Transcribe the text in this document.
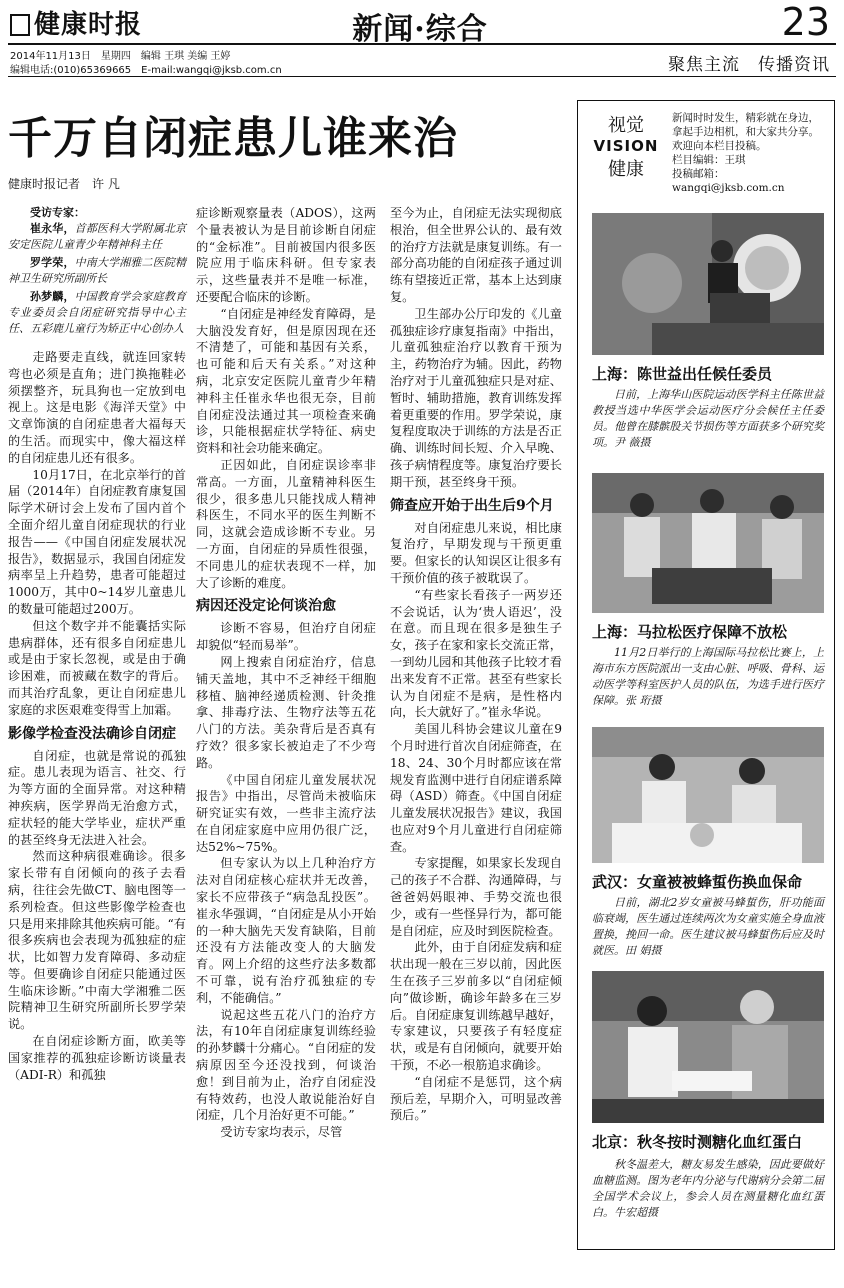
健康时报	新闻·综合	23
2014年11月13日　星期四　编辑 王琪 美编 王婷
编辑电话:(010)65369665　E-mail:wangqi@jksb.com.cn	聚焦主流　传播资讯
千万自闭症患儿谁来治
健康时报记者　许 凡

受访专家：

崔永华，首都医科大学附属北京安定医院儿童青少年精神科主任
罗学荣，中南大学湘雅二医院精神卫生研究所副所长
孙梦麟，中国教育学会家庭教育专业委员会自闭症研究指导中心主任、五彩鹿儿童行为矫正中心创办人

走路要走直线，就连回家转弯也必须是直角；进门换拖鞋必须摆整齐，玩具狗也一定放到电视上。这是电影《海洋天堂》中文章饰演的自闭症患者大福每天的生活。而现实中，像大福这样的自闭症患儿还有很多。

10月17日，在北京举行的首届（2014年）自闭症教育康复国际学术研讨会上发布了国内首个全面介绍儿童自闭症现状的行业报告——《中国自闭症发展状况报告》，数据显示，我国自闭症发病率呈上升趋势，患者可能超过1000万，其中0~14岁儿童患儿的数量可能超过200万。

但这个数字并不能囊括实际患病群体，还有很多自闭症患儿或是由于家长忽视，或是由于确诊困难，而被藏在数字的背后。而其治疗乱象，更让自闭症患儿家庭的求医艰难变得雪上加霜。

影像学检查没法确诊自闭症

自闭症，也就是常说的孤独症。患儿表现为语言、社交、行为等方面的全面异常。对这种精神疾病，医学界尚无治愈方式，症状轻的能大学毕业，症状严重的甚至终身无法进入社会。

然而这种病很难确诊。很多家长带有自闭倾向的孩子去看病，往往会先做CT、脑电图等一系列检查。但这些影像学检查也只是用来排除其他疾病可能。“有很多疾病也会表现为孤独症的症状，比如智力发育障碍、多动症等。但要确诊自闭症只能通过医生临床诊断。”中南大学湘雅二医院精神卫生研究所副所长罗学荣说。

在自闭症诊断方面，欧美等国家推荐的孤独症诊断访谈量表（ADI-R）和孤独

症诊断观察量表（ADOS），这两个量表被认为是目前诊断自闭症的“金标准”。目前被国内很多医院应用于临床科研。但专家表示，这些量表并不是唯一标准，还要配合临床的诊断。

“自闭症是神经发育障碍，是大脑没发育好，但是原因现在还不清楚了，可能和基因有关系，也可能和后天有关系。”对这种病，北京安定医院儿童青少年精神科主任崔永华也很无奈，目前自闭症没法通过其一项检查来确诊，只能根据症状学特征、病史资料和社会功能来确定。

正因如此，自闭症误诊率非常高。一方面，儿童精神科医生很少，很多患儿只能找成人精神科医生，不同水平的医生判断不同，这就会造成诊断不专业。另一方面，自闭症的异质性很强，不同患儿的症状表现不一样，加大了诊断的难度。

病因还没定论何谈治愈

诊断不容易，但治疗自闭症却貌似“轻而易举”。

网上搜索自闭症治疗，信息铺天盖地，其中不乏神经干细胞移植、脑神经递质检测、针灸推拿、排毒疗法、生物疗法等五花八门的方法。美杂背后是否真有疗效？很多家长被迫走了不少弯路。

《中国自闭症儿童发展状况报告》中指出，尽管尚未被临床研究证实有效，一些非主流疗法在自闭症家庭中应用仍很广泛，达52%~75%。

但专家认为以上几种治疗方法对自闭症核心症状并无改善，家长不应带孩子“病急乱投医”。崔永华强调，“自闭症是从小开始的一种大脑先天发育缺陷，目前还没有方法能改变人的大脑发育。网上介绍的这些疗法多数都不可靠，说有治疗孤独症的专利，不能确信。”

说起这些五花八门的治疗方法，有10年自闭症康复训练经验的孙梦麟十分痛心。“自闭症的发病原因至今还没找到，何谈治愈！到目前为止，治疗自闭症没有特效药，也没人敢说能治好自闭症，几个月治好更不可能。”

受访专家均表示，尽管

至今为止，自闭症无法实现彻底根治，但全世界公认的、最有效的治疗方法就是康复训练。有一部分高功能的自闭症孩子通过训练有望接近正常，基本上达到康复。

卫生部办公厅印发的《儿童孤独症诊疗康复指南》中指出，儿童孤独症治疗以教育干预为主，药物治疗为辅。因此，药物治疗对于儿童孤独症只是对症、暂时、辅助措施，教育训练发挥着更重要的作用。罗学荣说，康复程度取决于训练的方法是否正确、训练时间长短、介入早晚、孩子病情程度等。康复治疗要长期干预，甚至终身干预。

筛查应开始于出生后9个月

对自闭症患儿来说，相比康复治疗，早期发现与干预更重要。但家长的认知误区让很多有干预价值的孩子被耽误了。

“有些家长看孩子一两岁还不会说话，认为‘贵人语迟’，没在意。而且现在很多是独生子女，孩子在家和家长交流正常，一到幼儿园和其他孩子比较才看出来发育不正常。甚至有些家长认为自闭症不是病，是性格内向，长大就好了。”崔永华说。

美国儿科协会建议儿童在9个月时进行首次自闭症筛查，在18、24、30个月时都应该在常规发育监测中进行自闭症谱系障碍（ASD）筛查。《中国自闭症儿童发展状况报告》建议，我国也应对9个月儿童进行自闭症筛查。

专家提醒，如果家长发现自己的孩子不合群、沟通障碍，与爸爸妈妈眼神、手势交流也很少，或有一些怪异行为，都可能是自闭症，应及时到医院检查。

此外，由于自闭症发病和症状出现一般在三岁以前，因此医生在孩子三岁前多以“自闭症倾向”做诊断，确诊年龄多在三岁后。自闭症康复训练越早越好，专家建议，只要孩子有轻度症状，或是有自闭倾向，就要开始干预，不必一根筋追求确诊。

“自闭症不是惩罚，这个病预后差，早期介入，可明显改善预后。”

视觉
VISION
健康
新闻时时发生，精彩就在身边，
拿起手边相机，和大家共分享。
欢迎向本栏目投稿。
栏目编辑：王琪
投稿邮箱：wangqi@jksb.com.cn
上海：陈世益出任候任委员

日前，上海华山医院运动医学科主任陈世益教授当选中华医学会运动医疗分会候任主任委员。他曾在膝髌股关节损伤等方面获多个研究奖项。尹 薇摄

上海：马拉松医疗保障不放松

11月2日举行的上海国际马拉松比赛上，上海市东方医院派出一支由心脏、呼吸、骨科、运动医学等科室医护人员的队伍，为选手进行医疗保障。张 珩摄

武汉：女童被被蜂蜇伤换血保命

日前，湖北2岁女童被马蜂蜇伤，肝功能面临衰竭，医生通过连续两次为女童实施全身血液置换，挽回一命。医生建议被马蜂蜇伤后应及时就医。田 娟摄

北京：秋冬按时测糖化血红蛋白

秋冬温差大，糖友易发生感染，因此要做好血糖监测。图为老年内分泌与代谢病分会第二届全国学术会议上，参会人员在测量糖化血红蛋白。牛宏超摄
